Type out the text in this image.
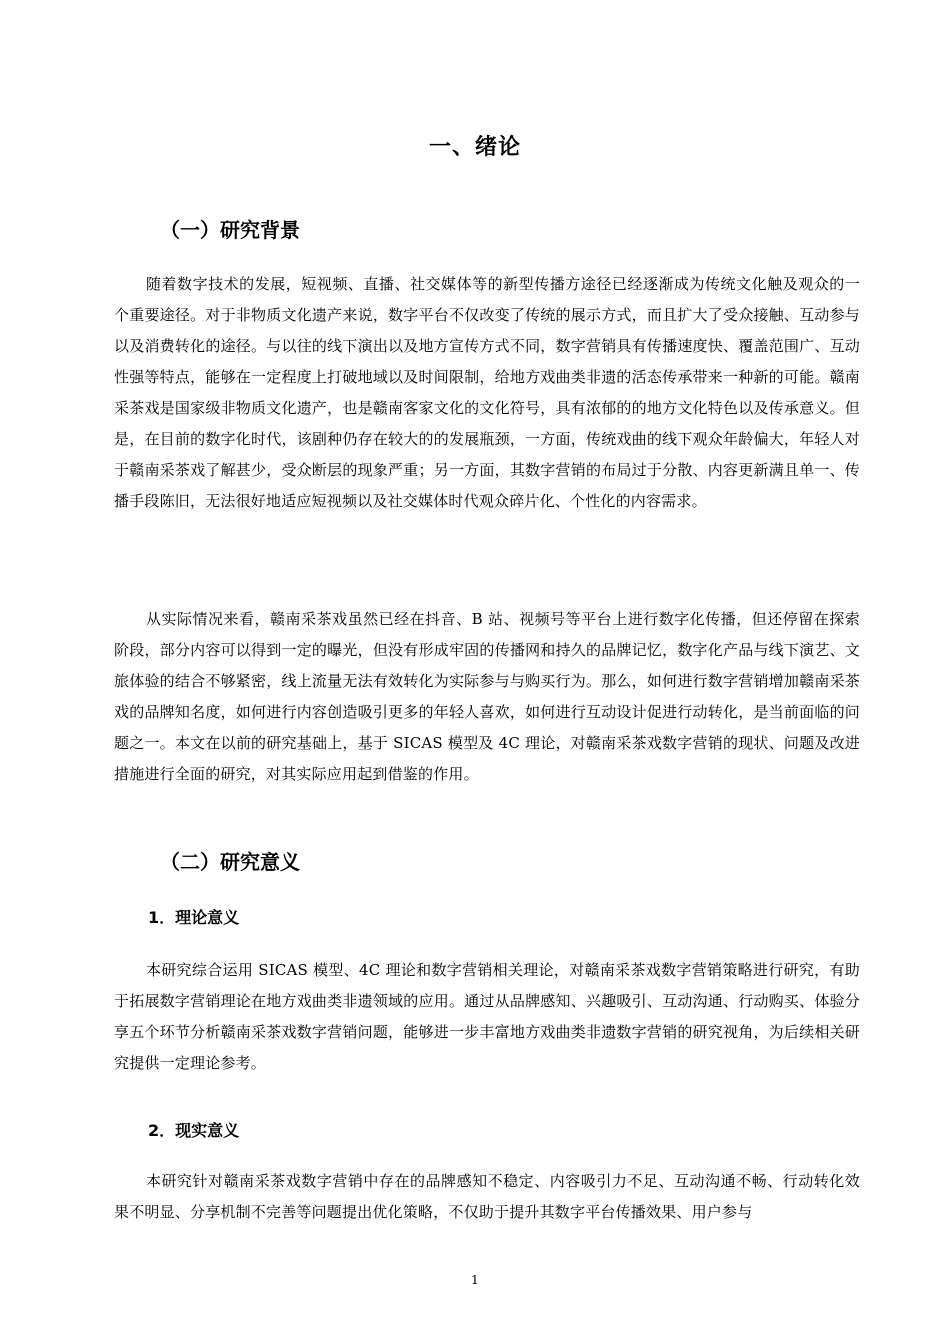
一、绪论
（一）研究背景

随着数字技术的发展，短视频、直播、社交媒体等的新型传播方途径已经逐渐成为传统文化触及观众的一个重要途径。对于非物质文化遗产来说，数字平台不仅改变了传统的展示方式，而且扩大了受众接触、互动参与以及消费转化的途径。与以往的线下演出以及地方宣传方式不同，数字营销具有传播速度快、覆盖范围广、互动性强等特点，能够在一定程度上打破地域以及时间限制，给地方戏曲类非遗的活态传承带来一种新的可能。赣南采茶戏是国家级非物质文化遗产，也是赣南客家文化的文化符号，具有浓郁的的地方文化特色以及传承意义。但是，在目前的数字化时代，该剧种仍存在较大的的发展瓶颈，一方面，传统戏曲的线下观众年龄偏大，年轻人对于赣南采茶戏了解甚少，受众断层的现象严重；另一方面，其数字营销的布局过于分散、内容更新满且单一、传播手段陈旧，无法很好地适应短视频以及社交媒体时代观众碎片化、个性化的内容需求。

从实际情况来看，赣南采茶戏虽然已经在抖音、B 站、视频号等平台上进行数字化传播，但还停留在探索阶段，部分内容可以得到一定的曝光，但没有形成牢固的传播网和持久的品牌记忆，数字化产品与线下演艺、文旅体验的结合不够紧密，线上流量无法有效转化为实际参与与购买行为。那么，如何进行数字营销增加赣南采茶戏的品牌知名度，如何进行内容创造吸引更多的年轻人喜欢，如何进行互动设计促进行动转化，是当前面临的问题之一。本文在以前的研究基础上，基于 SICAS 模型及 4C 理论，对赣南采茶戏数字营销的现状、问题及改进措施进行全面的研究，对其实际应用起到借鉴的作用。

（二）研究意义
1．理论意义

本研究综合运用 SICAS 模型、4C 理论和数字营销相关理论，对赣南采茶戏数字营销策略进行研究，有助于拓展数字营销理论在地方戏曲类非遗领域的应用。通过从品牌感知、兴趣吸引、互动沟通、行动购买、体验分享五个环节分析赣南采茶戏数字营销问题，能够进一步丰富地方戏曲类非遗数字营销的研究视角，为后续相关研究提供一定理论参考。

2．现实意义

本研究针对赣南采茶戏数字营销中存在的品牌感知不稳定、内容吸引力不足、互动沟通不畅、行动转化效果不明显、分享机制不完善等问题提出优化策略，不仅助于提升其数字平台传播效果、用户参与

1
